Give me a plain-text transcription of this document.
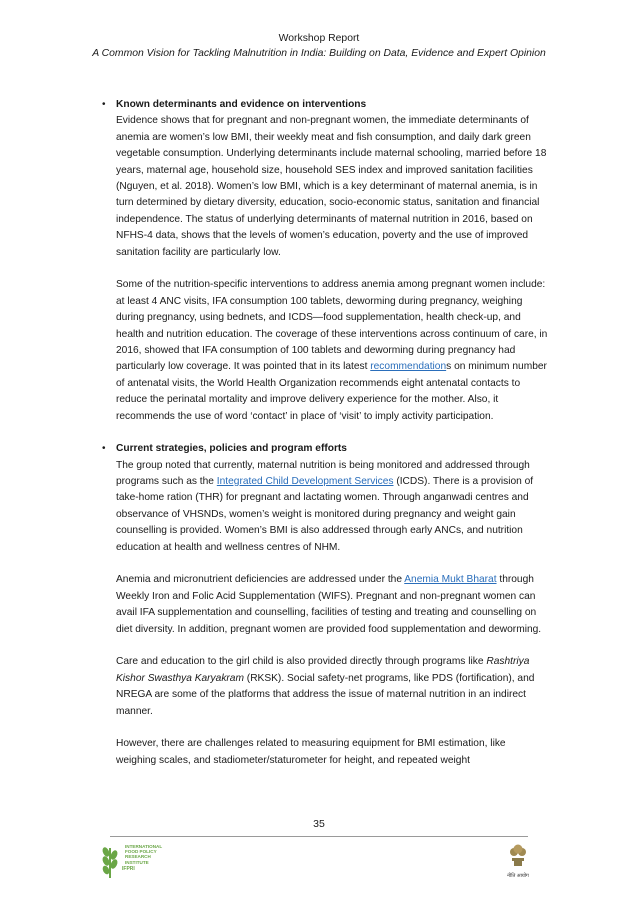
Workshop Report
A Common Vision for Tackling Malnutrition in India: Building on Data, Evidence and Expert Opinion
• Known determinants and evidence on interventions

Evidence shows that for pregnant and non-pregnant women, the immediate determinants of anemia are women’s low BMI, their weekly meat and fish consumption, and daily dark green vegetable consumption. Underlying determinants include maternal schooling, married before 18 years, maternal age, household size, household SES index and improved sanitation facilities (Nguyen, et al. 2018). Women’s low BMI, which is a key determinant of maternal anemia, is in turn determined by dietary diversity, education, socio-economic status, sanitation and financial independence. The status of underlying determinants of maternal nutrition in 2016, based on NFHS-4 data, shows that the levels of women’s education, poverty and the use of improved sanitation facility are particularly low.

Some of the nutrition-specific interventions to address anemia among pregnant women include: at least 4 ANC visits, IFA consumption 100 tablets, deworming during pregnancy, weighing during pregnancy, using bednets, and ICDS—food supplementation, health check-up, and health and nutrition education. The coverage of these interventions across continuum of care, in 2016, showed that IFA consumption of 100 tablets and deworming during pregnancy had particularly low coverage. It was pointed that in its latest recommendations on minimum number of antenatal visits, the World Health Organization recommends eight antenatal contacts to reduce the perinatal mortality and improve delivery experience for the mother. Also, it recommends the use of word ‘contact’ in place of ‘visit’ to imply activity participation.

• Current strategies, policies and program efforts

The group noted that currently, maternal nutrition is being monitored and addressed through programs such as the Integrated Child Development Services (ICDS). There is a provision of take-home ration (THR) for pregnant and lactating women. Through anganwadi centres and observance of VHSNDs, women’s weight is monitored during pregnancy and weight gain counselling is provided. Women’s BMI is also addressed through early ANCs, and nutrition education at health and wellness centres of NHM.

Anemia and micronutrient deficiencies are addressed under the Anemia Mukt Bharat through Weekly Iron and Folic Acid Supplementation (WIFS). Pregnant and non-pregnant women can avail IFA supplementation and counselling, facilities of testing and treating and counselling on diet diversity. In addition, pregnant women are provided food supplementation and deworming.

Care and education to the girl child is also provided directly through programs like Rashtriya Kishor Swasthya Karyakram (RKSK). Social safety-net programs, like PDS (fortification), and NREGA are some of the platforms that address the issue of maternal nutrition in an indirect manner.

However, there are challenges related to measuring equipment for BMI estimation, like weighing scales, and stadiometer/staturometer for height, and repeated weight

35
INTERNATIONAL
FOOD POLICY
RESEARCH
INSTITUTE
IFPRI
नीति आयोग
